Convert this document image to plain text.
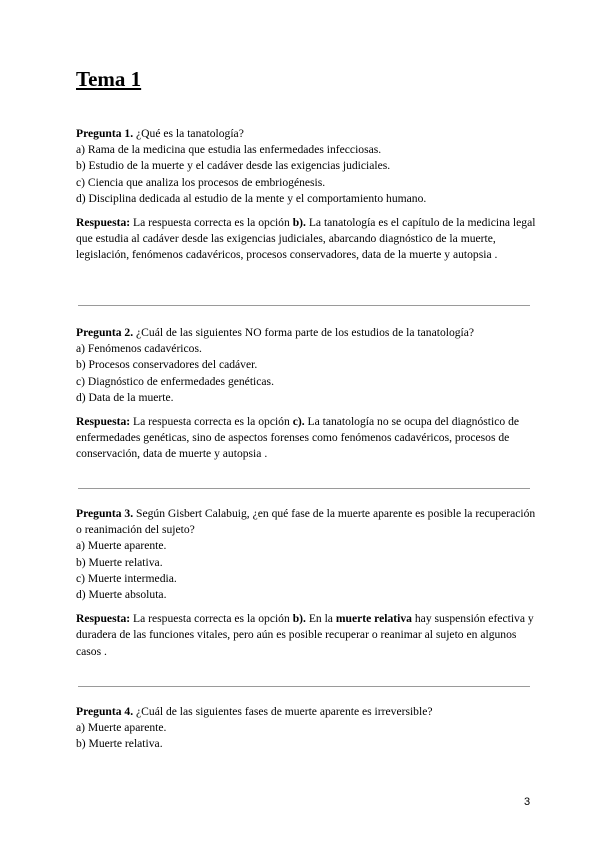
Tema 1

Pregunta 1. ¿Qué es la tanatología?

a) Rama de la medicina que estudia las enfermedades infecciosas.
b) Estudio de la muerte y el cadáver desde las exigencias judiciales.
c) Ciencia que analiza los procesos de embriogénesis.
d) Disciplina dedicada al estudio de la mente y el comportamiento humano.

Respuesta: La respuesta correcta es la opción b). La tanatología es el capítulo de la medicina legal que estudia al cadáver desde las exigencias judiciales, abarcando diagnóstico de la muerte, legislación, fenómenos cadavéricos, procesos conservadores, data de la muerte y autopsia .

Pregunta 2. ¿Cuál de las siguientes NO forma parte de los estudios de la tanatología?

a) Fenómenos cadavéricos.
b) Procesos conservadores del cadáver.
c) Diagnóstico de enfermedades genéticas.
d) Data de la muerte.

Respuesta: La respuesta correcta es la opción c). La tanatología no se ocupa del diagnóstico de enfermedades genéticas, sino de aspectos forenses como fenómenos cadavéricos, procesos de conservación, data de muerte y autopsia .

Pregunta 3. Según Gisbert Calabuig, ¿en qué fase de la muerte aparente es posible la recuperación o reanimación del sujeto?

a) Muerte aparente.
b) Muerte relativa.
c) Muerte intermedia.
d) Muerte absoluta.

Respuesta: La respuesta correcta es la opción b). En la muerte relativa hay suspensión efectiva y duradera de las funciones vitales, pero aún es posible recuperar o reanimar al sujeto en algunos casos .

Pregunta 4. ¿Cuál de las siguientes fases de muerte aparente es irreversible?

a) Muerte aparente.
b) Muerte relativa.

3
